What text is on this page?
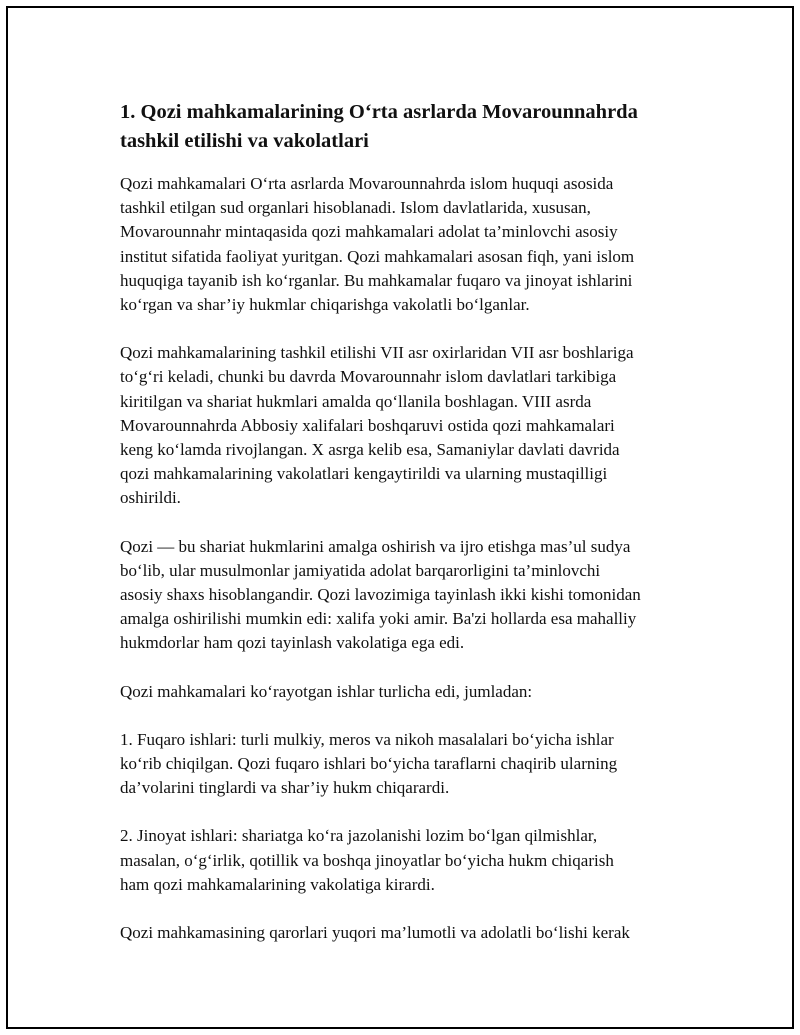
1. Qozi mahkamalarining O‘rta asrlarda Movarounnahrda
tashkil etilishi va vakolatlari

Qozi mahkamalari O‘rta asrlarda Movarounnahrda islom huquqi asosida
tashkil etilgan sud organlari hisoblanadi. Islom davlatlarida, xususan,
Movarounnahr mintaqasida qozi mahkamalari adolat ta’minlovchi asosiy
institut sifatida faoliyat yuritgan. Qozi mahkamalari asosan fiqh, yani islom
huquqiga tayanib ish ko‘rganlar. Bu mahkamalar fuqaro va jinoyat ishlarini
ko‘rgan va shar’iy hukmlar chiqarishga vakolatli bo‘lganlar.

Qozi mahkamalarining tashkil etilishi VII asr oxirlaridan VII asr boshlariga
to‘g‘ri keladi, chunki bu davrda Movarounnahr islom davlatlari tarkibiga
kiritilgan va shariat hukmlari amalda qo‘llanila boshlagan. VIII asrda
Movarounnahrda Abbosiy xalifalari boshqaruvi ostida qozi mahkamalari
keng ko‘lamda rivojlangan. X asrga kelib esa, Samaniylar davlati davrida
qozi mahkamalarining vakolatlari kengaytirildi va ularning mustaqilligi
oshirildi.

Qozi — bu shariat hukmlarini amalga oshirish va ijro etishga mas’ul sudya
bo‘lib, ular musulmonlar jamiyatida adolat barqarorligini ta’minlovchi
asosiy shaxs hisoblangandir. Qozi lavozimiga tayinlash ikki kishi tomonidan
amalga oshirilishi mumkin edi: xalifa yoki amir. Ba'zi hollarda esa mahalliy
hukmdorlar ham qozi tayinlash vakolatiga ega edi.

Qozi mahkamalari ko‘rayotgan ishlar turlicha edi, jumladan:

1. Fuqaro ishlari: turli mulkiy, meros va nikoh masalalari bo‘yicha ishlar
ko‘rib chiqilgan. Qozi fuqaro ishlari bo‘yicha taraflarni chaqirib ularning
da’volarini tinglardi va shar’iy hukm chiqarardi.

2. Jinoyat ishlari: shariatga ko‘ra jazolanishi lozim bo‘lgan qilmishlar,
masalan, o‘g‘irlik, qotillik va boshqa jinoyatlar bo‘yicha hukm chiqarish
ham qozi mahkamalarining vakolatiga kirardi.

Qozi mahkamasining qarorlari yuqori ma’lumotli va adolatli bo‘lishi kerak
